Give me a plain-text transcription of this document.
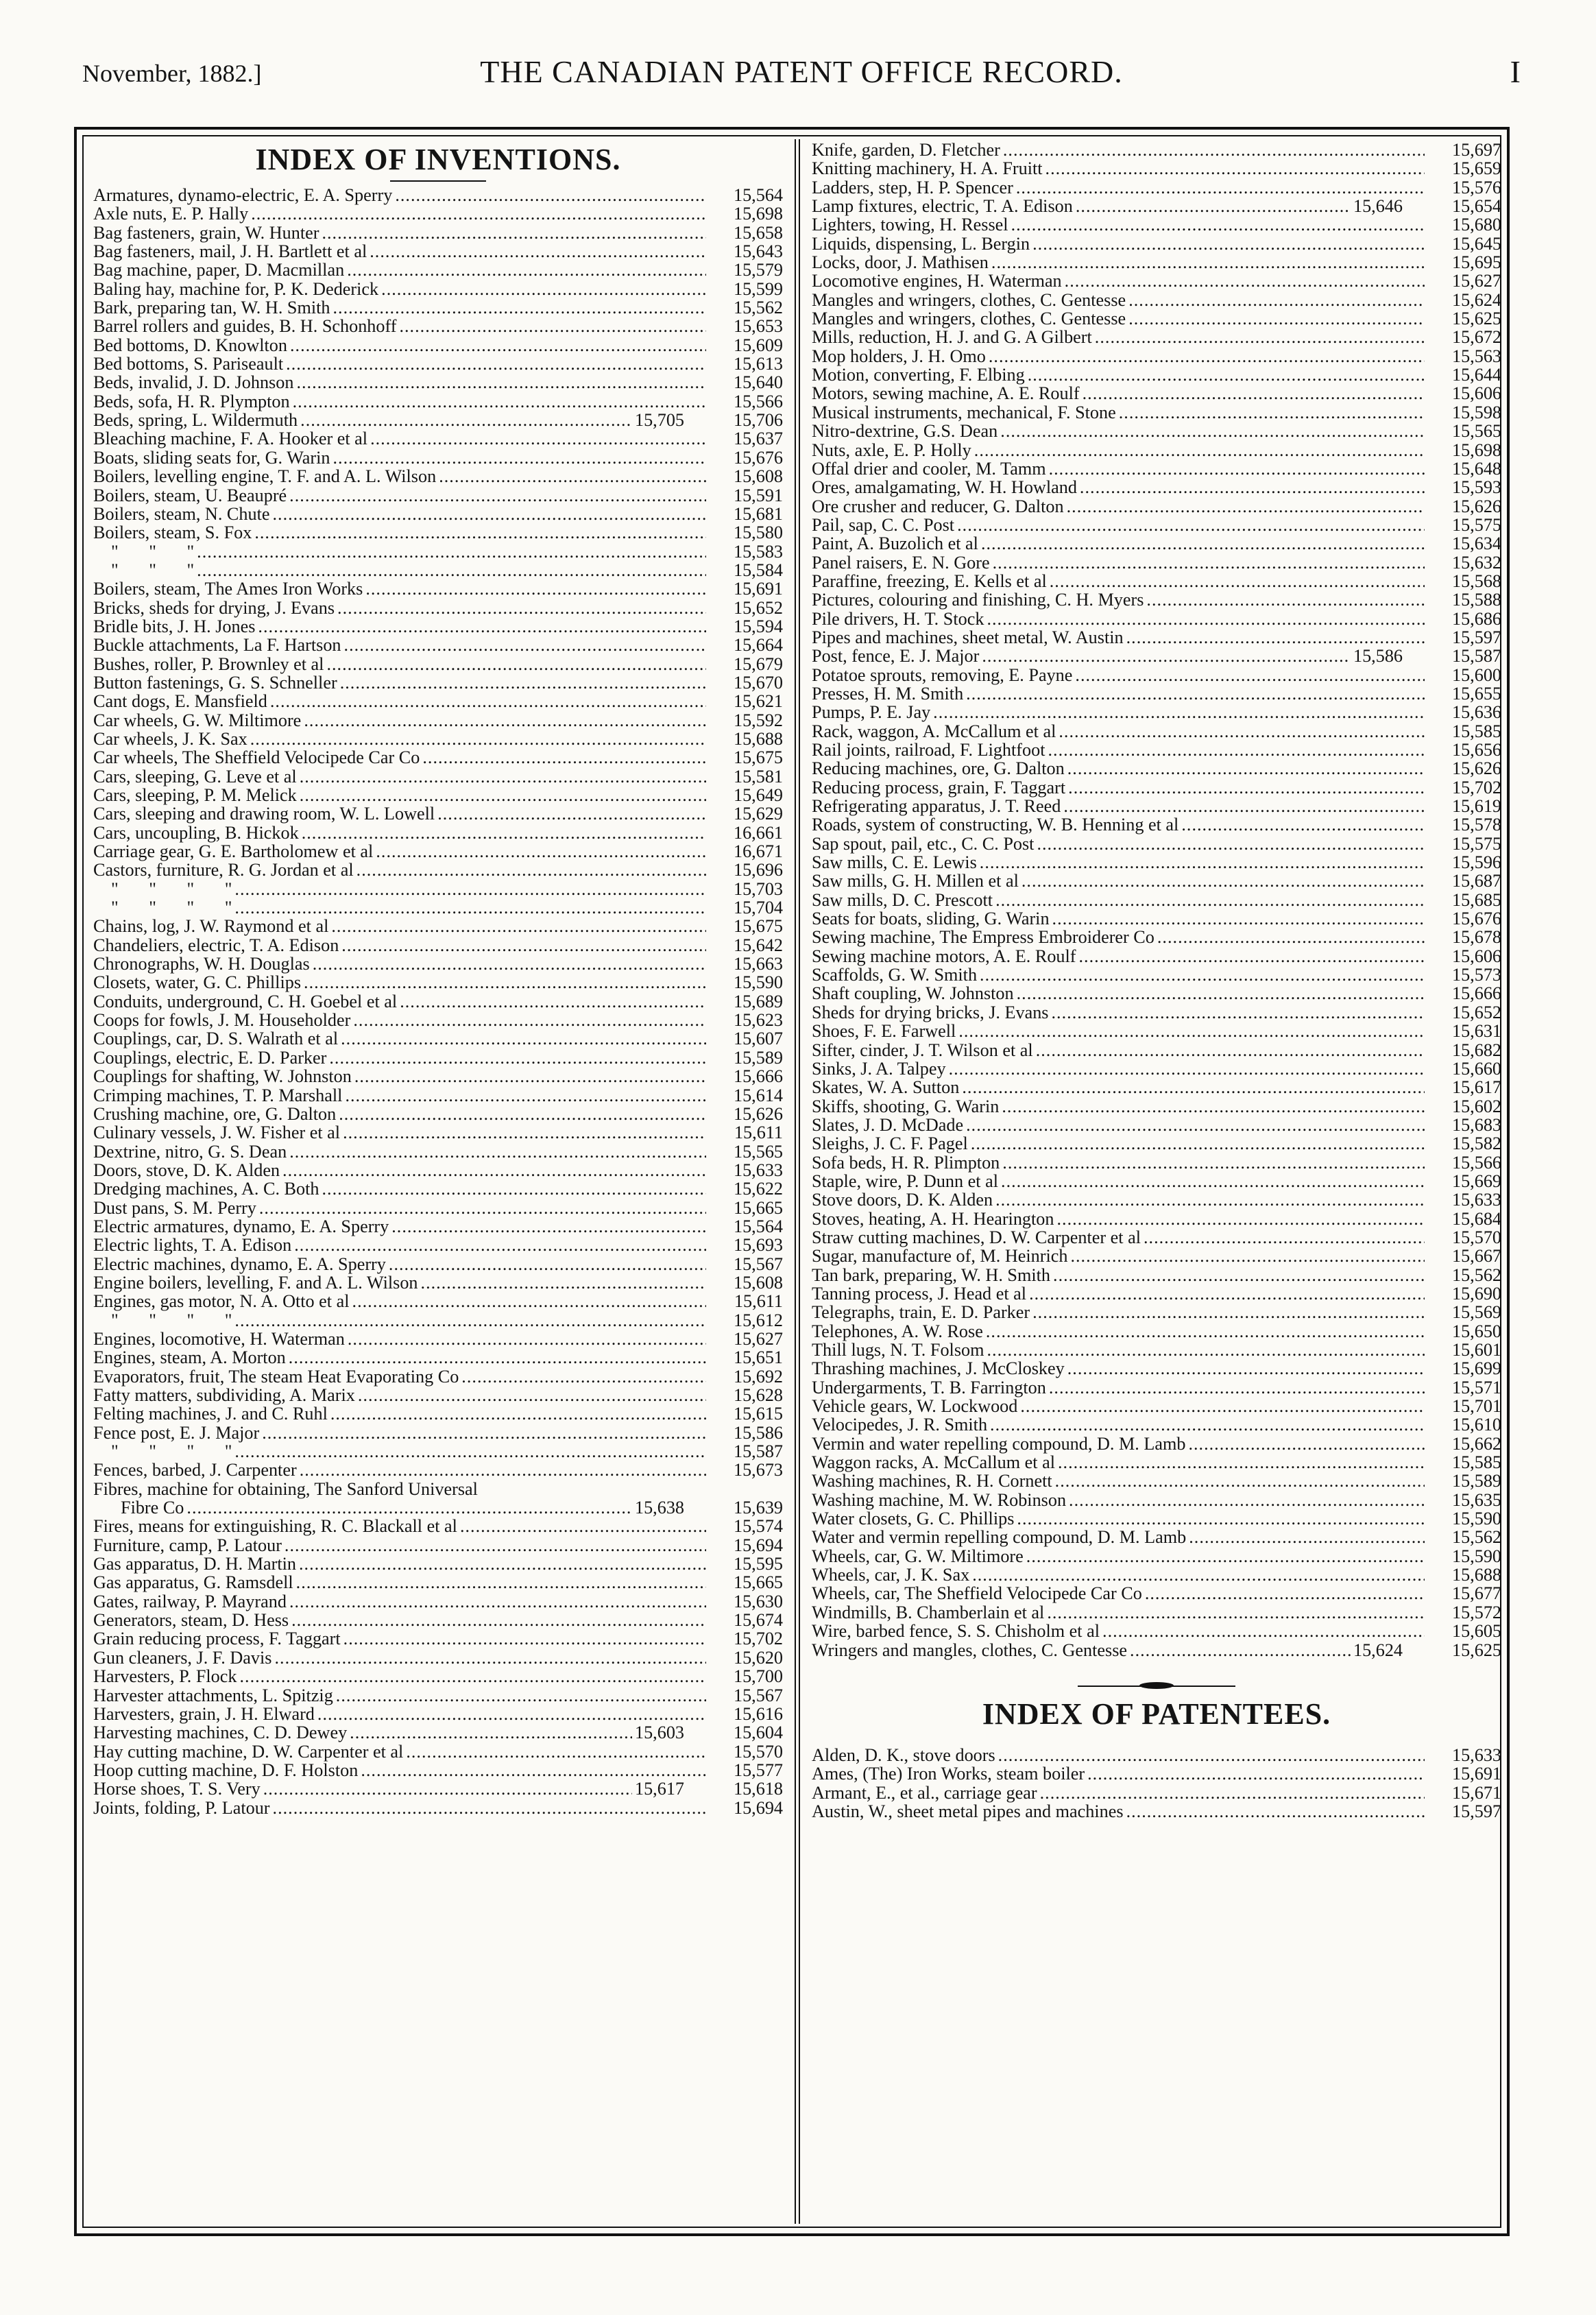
November, 1882.]	THE CANADIAN PATENT OFFICE RECORD.	I
INDEX OF INVENTIONS.
Armatures, dynamo-electric, E. A. Sperry .....	15,564
Axle nuts, E. P. Hally .....	15,698
Bag fasteners, grain, W. Hunter .....	15,658
Bag fasteners, mail, J. H. Bartlett et al .....	15,643
Bag machine, paper, D. Macmillan .....	15,579
Baling hay, machine for, P. K. Dederick .....	15,599
Bark, preparing tan, W. H. Smith .....	15,562
Barrel rollers and guides, B. H. Schonhoff .....	15,653
Bed bottoms, D. Knowlton .....	15,609
Bed bottoms, S. Pariseault .....	15,613
Beds, invalid, J. D. Johnson .....	15,640
Beds, sofa, H. R. Plympton .....	15,566
Beds, spring, L. Wildermuth .....	15,705	15,706
Bleaching machine, F. A. Hooker et al .....	15,637
Boats, sliding seats for, G. Warin .....	15,676
Boilers, levelling engine, T. F. and A. L. Wilson .....	15,608
Boilers, steam, U. Beaupré .....	15,591
Boilers, steam, N. Chute .....	15,681
Boilers, steam, S. Fox .....	15,580
" " " .....	15,583
" " " .....	15,584
Boilers, steam, The Ames Iron Works .....	15,691
Bricks, sheds for drying, J. Evans .....	15,652
Bridle bits, J. H. Jones .....	15,594
Buckle attachments, La F. Hartson .....	15,664
Bushes, roller, P. Brownley et al .....	15,679
Button fastenings, G. S. Schneller .....	15,670
Cant dogs, E. Mansfield .....	15,621
Car wheels, G. W. Miltimore .....	15,592
Car wheels, J. K. Sax .....	15,688
Car wheels, The Sheffield Velocipede Car Co .....	15,675
Cars, sleeping, G. Leve et al .....	15,581
Cars, sleeping, P. M. Melick .....	15,649
Cars, sleeping and drawing room, W. L. Lowell .....	15,629
Cars, uncoupling, B. Hickok .....	16,661
Carriage gear, G. E. Bartholomew et al .....	16,671
Castors, furniture, R. G. Jordan et al .....	15,696
" " " " .....	15,703
" " " " .....	15,704
Chains, log, J. W. Raymond et al .....	15,675
Chandeliers, electric, T. A. Edison .....	15,642
Chronographs, W. H. Douglas .....	15,663
Closets, water, G. C. Phillips .....	15,590
Conduits, underground, C. H. Goebel et al .....	15,689
Coops for fowls, J. M. Householder .....	15,623
Couplings, car, D. S. Walrath et al .....	15,607
Couplings, electric, E. D. Parker .....	15,589
Couplings for shafting, W. Johnston .....	15,666
Crimping machines, T. P. Marshall .....	15,614
Crushing machine, ore, G. Dalton .....	15,626
Culinary vessels, J. W. Fisher et al .....	15,611
Dextrine, nitro, G. S. Dean .....	15,565
Doors, stove, D. K. Alden .....	15,633
Dredging machines, A. C. Both .....	15,622
Dust pans, S. M. Perry .....	15,665
Electric armatures, dynamo, E. A. Sperry .....	15,564
Electric lights, T. A. Edison .....	15,693
Electric machines, dynamo, E. A. Sperry .....	15,567
Engine boilers, levelling, F. and A. L. Wilson .....	15,608
Engines, gas motor, N. A. Otto et al .....	15,611
" " " " .....	15,612
Engines, locomotive, H. Waterman .....	15,627
Engines, steam, A. Morton .....	15,651
Evaporators, fruit, The steam Heat Evaporating Co .....	15,692
Fatty matters, subdividing, A. Marix .....	15,628
Felting machines, J. and C. Ruhl .....	15,615
Fence post, E. J. Major .....	15,586
" " " " .....	15,587
Fences, barbed, J. Carpenter .....	15,673
Fibres, machine for obtaining, The Sanford Universal
Fibre Co .....	15,638	15,639
Fires, means for extinguishing, R. C. Blackall et al .....	15,574
Furniture, camp, P. Latour .....	15,694
Gas apparatus, D. H. Martin .....	15,595
Gas apparatus, G. Ramsdell .....	15,665
Gates, railway, P. Mayrand .....	15,630
Generators, steam, D. Hess .....	15,674
Grain reducing process, F. Taggart .....	15,702
Gun cleaners, J. F. Davis .....	15,620
Harvesters, P. Flock .....	15,700
Harvester attachments, L. Spitzig .....	15,567
Harvesters, grain, J. H. Elward .....	15,616
Harvesting machines, C. D. Dewey .....	15,603	15,604
Hay cutting machine, D. W. Carpenter et al .....	15,570
Hoop cutting machine, D. F. Holston .....	15,577
Horse shoes, T. S. Very .....	15,617	15,618
Joints, folding, P. Latour .....	15,694
Knife, garden, D. Fletcher .....	15,697
Knitting machinery, H. A. Fruitt .....	15,659
Ladders, step, H. P. Spencer .....	15,576
Lamp fixtures, electric, T. A. Edison .....	15,646	15,654
Lighters, towing, H. Ressel .....	15,680
Liquids, dispensing, L. Bergin .....	15,645
Locks, door, J. Mathisen .....	15,695
Locomotive engines, H. Waterman .....	15,627
Mangles and wringers, clothes, C. Gentesse .....	15,624
Mangles and wringers, clothes, C. Gentesse .....	15,625
Mills, reduction, H. J. and G. A Gilbert .....	15,672
Mop holders, J. H. Omo .....	15,563
Motion, converting, F. Elbing .....	15,644
Motors, sewing machine, A. E. Roulf .....	15,606
Musical instruments, mechanical, F. Stone .....	15,598
Nitro-dextrine, G.S. Dean .....	15,565
Nuts, axle, E. P. Holly .....	15,698
Offal drier and cooler, M. Tamm .....	15,648
Ores, amalgamating, W. H. Howland .....	15,593
Ore crusher and reducer, G. Dalton .....	15,626
Pail, sap, C. C. Post .....	15,575
Paint, A. Buzolich et al .....	15,634
Panel raisers, E. N. Gore .....	15,632
Paraffine, freezing, E. Kells et al .....	15,568
Pictures, colouring and finishing, C. H. Myers .....	15,588
Pile drivers, H. T. Stock .....	15,686
Pipes and machines, sheet metal, W. Austin .....	15,597
Post, fence, E. J. Major .....	15,586	15,587
Potatoe sprouts, removing, E. Payne .....	15,600
Presses, H. M. Smith .....	15,655
Pumps, P. E. Jay .....	15,636
Rack, waggon, A. McCallum et al .....	15,585
Rail joints, railroad, F. Lightfoot .....	15,656
Reducing machines, ore, G. Dalton .....	15,626
Reducing process, grain, F. Taggart .....	15,702
Refrigerating apparatus, J. T. Reed .....	15,619
Roads, system of constructing, W. B. Henning et al .....	15,578
Sap spout, pail, etc., C. C. Post .....	15,575
Saw mills, C. E. Lewis .....	15,596
Saw mills, G. H. Millen et al .....	15,687
Saw mills, D. C. Prescott .....	15,685
Seats for boats, sliding, G. Warin .....	15,676
Sewing machine, The Empress Embroiderer Co .....	15,678
Sewing machine motors, A. E. Roulf .....	15,606
Scaffolds, G. W. Smith .....	15,573
Shaft coupling, W. Johnston .....	15,666
Sheds for drying bricks, J. Evans .....	15,652
Shoes, F. E. Farwell .....	15,631
Sifter, cinder, J. T. Wilson et al .....	15,682
Sinks, J. A. Talpey .....	15,660
Skates, W. A. Sutton .....	15,617
Skiffs, shooting, G. Warin .....	15,602
Slates, J. D. McDade .....	15,683
Sleighs, J. C. F. Pagel .....	15,582
Sofa beds, H. R. Plimpton .....	15,566
Staple, wire, P. Dunn et al .....	15,669
Stove doors, D. K. Alden .....	15,633
Stoves, heating, A. H. Hearington .....	15,684
Straw cutting machines, D. W. Carpenter et al .....	15,570
Sugar, manufacture of, M. Heinrich .....	15,667
Tan bark, preparing, W. H. Smith .....	15,562
Tanning process, J. Head et al .....	15,690
Telegraphs, train, E. D. Parker .....	15,569
Telephones, A. W. Rose .....	15,650
Thill lugs, N. T. Folsom .....	15,601
Thrashing machines, J. McCloskey .....	15,699
Undergarments, T. B. Farrington .....	15,571
Vehicle gears, W. Lockwood .....	15,701
Velocipedes, J. R. Smith .....	15,610
Vermin and water repelling compound, D. M. Lamb .....	15,662
Waggon racks, A. McCallum et al .....	15,585
Washing machines, R. H. Cornett .....	15,589
Washing machine, M. W. Robinson .....	15,635
Water closets, G. C. Phillips .....	15,590
Water and vermin repelling compound, D. M. Lamb .....	15,562
Wheels, car, G. W. Miltimore .....	15,590
Wheels, car, J. K. Sax .....	15,688
Wheels, car, The Sheffield Velocipede Car Co .....	15,677
Windmills, B. Chamberlain et al .....	15,572
Wire, barbed fence, S. S. Chisholm et al .....	15,605
Wringers and mangles, clothes, C. Gentesse .....	15,624	15,625
INDEX OF PATENTEES.
Alden, D. K., stove doors .....	15,633
Ames, (The) Iron Works, steam boiler .....	15,691
Armant, E., et al., carriage gear .....	15,671
Austin, W., sheet metal pipes and machines .....	15,597
